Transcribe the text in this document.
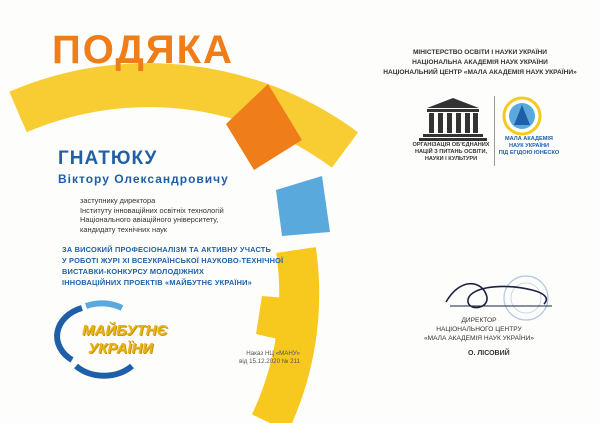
ПОДЯКА	МІНІСТЕРСТВО ОСВІТИ І НАУКИ УКРАЇНИ
НАЦІОНАЛЬНА АКАДЕМІЯ НАУК УКРАЇНИ
НАЦІОНАЛЬНИЙ ЦЕНТР «МАЛА АКАДЕМІЯ НАУК УКРАЇНИ»
ОРГАНІЗАЦІЯ ОБ’ЄДНАНИХ
НАЦІЙ З ПИТАНЬ ОСВІТИ,
НАУКИ І КУЛЬТУРИ
МАЛА АКАДЕМІЯ
НАУК УКРАЇНИ
ПІД ЕГІДОЮ ЮНЕСКО
ГНАТЮКУ
Віктору Олександровичу
заступнику директора
Інституту інноваційних освітніх технологій
Національного авіаційного університету,
кандидату технічних наук
ЗА ВИСОКИЙ ПРОФЕСІОНАЛІЗМ ТА АКТИВНУ УЧАСТЬ
У РОБОТІ ЖУРІ XI ВСЕУКРАЇНСЬКОЇ НАУКОВО-ТЕХНІЧНОЇ
ВИСТАВКИ-КОНКУРСУ МОЛОДІЖНИХ
ІННОВАЦІЙНИХ ПРОЕКТІВ «МАЙБУТНЄ УКРАЇНИ»
МАЙБУТНЄ
УКРАЇНИ	Наказ НЦ «МАНУ»
від 15.12.2020 № 211
ДИРЕКТОР
НАЦІОНАЛЬНОГО ЦЕНТРУ
«МАЛА АКАДЕМІЯ НАУК УКРАЇНИ»
О. ЛІСОВИЙ
